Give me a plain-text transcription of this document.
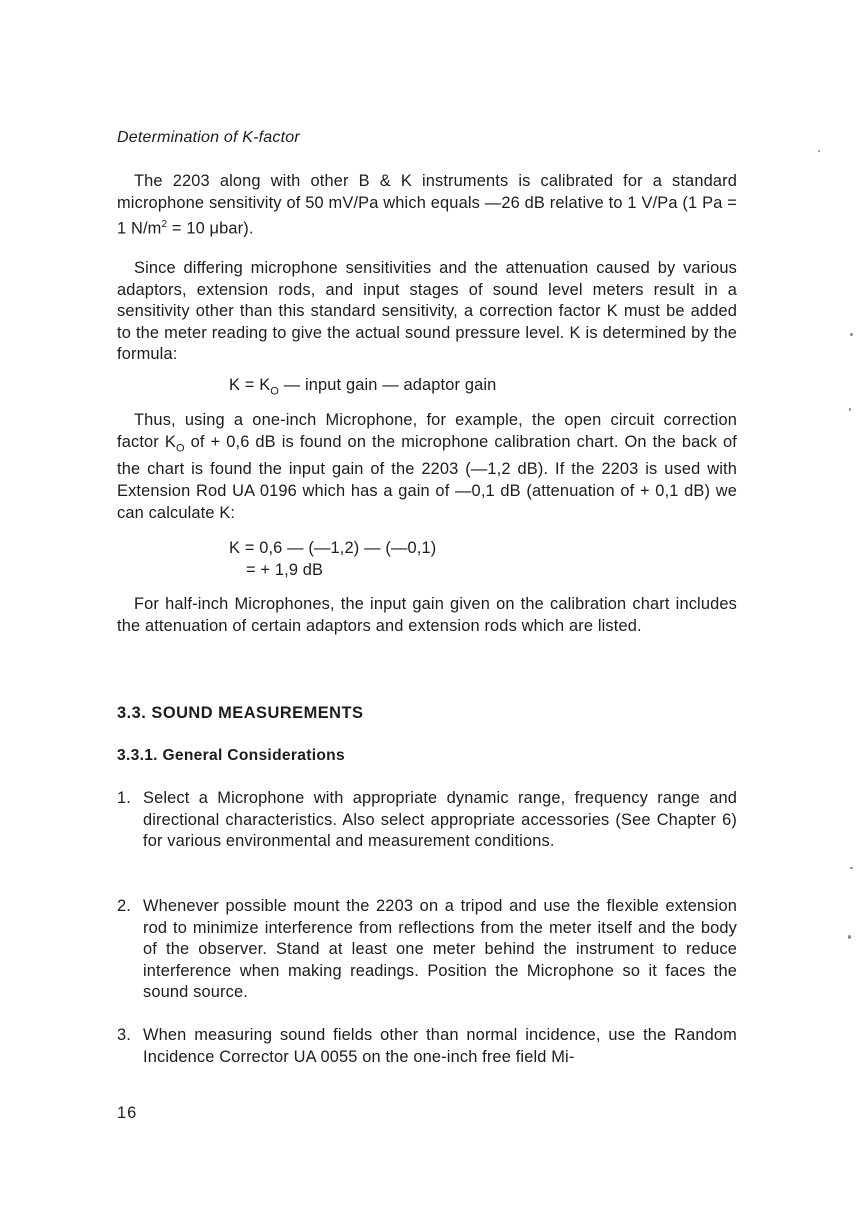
Determination of K-factor

The 2203 along with other B & K instruments is calibrated for a standard microphone sensitivity of 50 mV/Pa which equals —26 dB relative to 1 V/Pa (1 Pa = 1 $N/m^2 = 10$ μbar).

Since differing microphone sensitivities and the attenuation caused by various adaptors, extension rods, and input stages of sound level meters result in a sensitivity other than this standard sensitivity, a correction factor K must be added to the meter reading to give the actual sound pressure level. K is determined by the formula:

$K = K_O$ — input gain — adaptor gain

Thus, using a one-inch Microphone, for example, the open circuit correction factor $K_O$ of + 0,6 dB is found on the microphone calibration chart. On the back of the chart is found the input gain of the 2203 (—1,2 dB). If the 2203 is used with Extension Rod UA 0196 which has a gain of —0,1 dB (attenuation of + 0,1 dB) we can calculate K:

K = 0,6 — (—1,2) — (—0,1)
= + 1,9 dB

For half-inch Microphones, the input gain given on the calibration chart includes the attenuation of certain adaptors and extension rods which are listed.

3.3. SOUND MEASUREMENTS
3.3.1. General Considerations
1. Select a Microphone with appropriate dynamic range, frequency range and directional characteristics. Also select appropriate accessories (See Chapter 6) for various environmental and measurement conditions.
2. Whenever possible mount the 2203 on a tripod and use the flexible extension rod to minimize interference from reflections from the meter itself and the body of the observer. Stand at least one meter behind the instrument to reduce interference when making readings. Position the Microphone so it faces the sound source.
3. When measuring sound fields other than normal incidence, use the Random Incidence Corrector UA 0055 on the one-inch free field Mi-
16
